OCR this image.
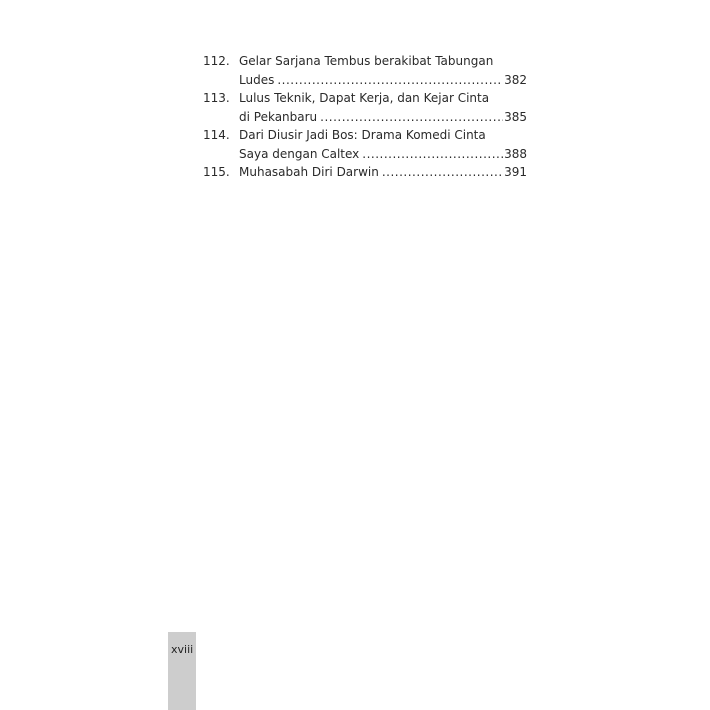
112. Gelar Sarjana Tembus berakibat Tabungan
Ludes .....	382
113. Lulus Teknik, Dapat Kerja, dan Kejar Cinta
di Pekanbaru .....	385
114. Dari Diusir Jadi Bos: Drama Komedi Cinta
Saya dengan Caltex .....	388
115. Muhasabah Diri Darwin .....	391
xviii
